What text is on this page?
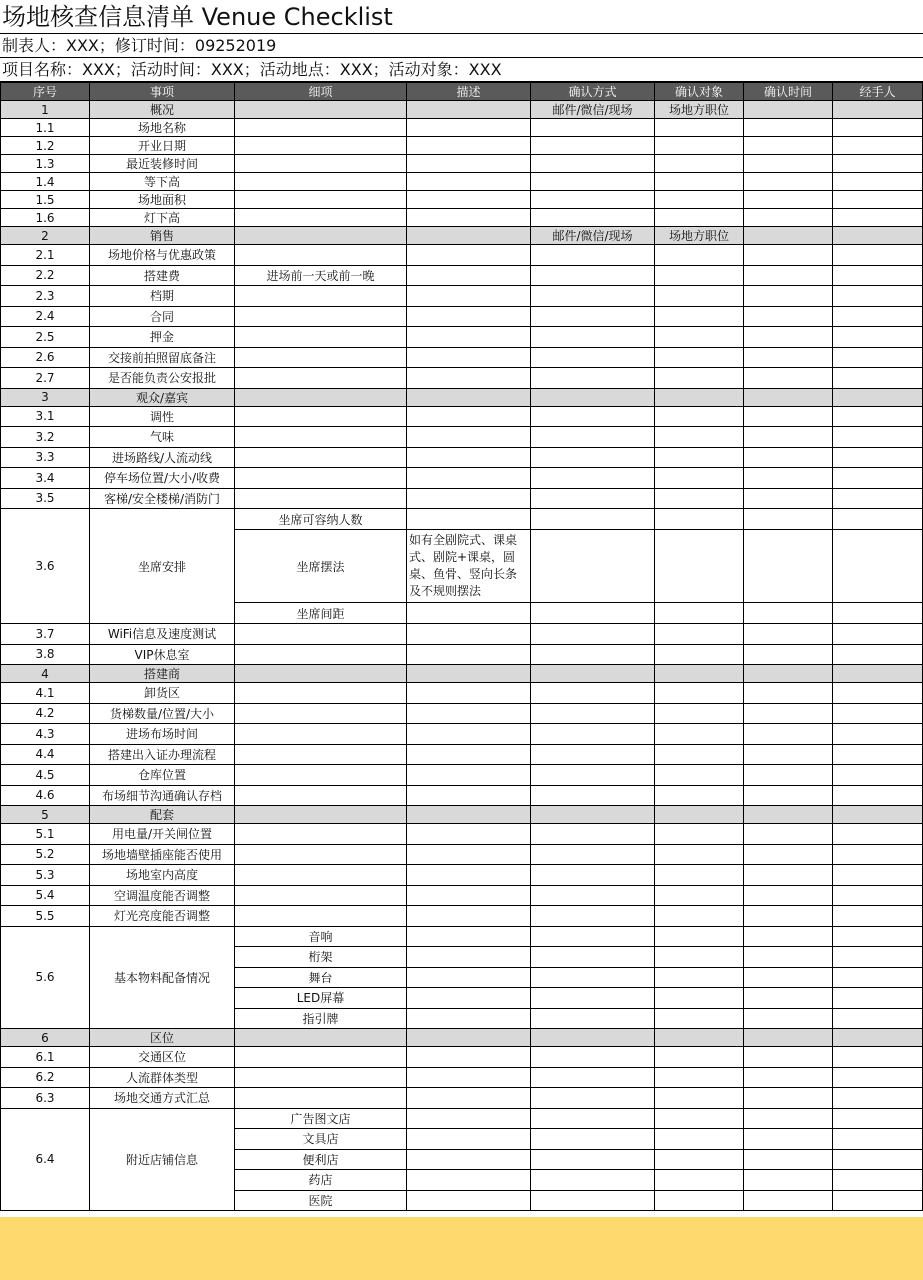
场地核查信息清单 Venue Checklist
制表人：XXX；修订时间：09252019
项目名称：XXX；活动时间：XXX；活动地点：XXX；活动对象：XXX
序号	事项	细项	描述	确认方式	确认对象	确认时间	经手人
1	概况			邮件/微信/现场	场地方职位		
1.1	场地名称						
1.2	开业日期						
1.3	最近装修时间						
1.4	等下高						
1.5	场地面积						
1.6	灯下高						
2	销售			邮件/微信/现场	场地方职位		
2.1	场地价格与优惠政策						
2.2	搭建费	进场前一天或前一晚					
2.3	档期						
2.4	合同						
2.5	押金						
2.6	交接前拍照留底备注						
2.7	是否能负责公安报批						
3	观众/嘉宾						
3.1	调性						
3.2	气味						
3.3	进场路线/人流动线						
3.4	停车场位置/大小/收费						
3.5	客梯/安全楼梯/消防门						
3.6	坐席安排	坐席可容纳人数					
		坐席摆法	如有全剧院式、课桌式、剧院+课桌，圆桌、鱼骨、竖向长条及不规则摆法				
		坐席间距					
3.7	WiFi信息及速度测试						
3.8	VIP休息室						
4	搭建商						
4.1	卸货区						
4.2	货梯数量/位置/大小						
4.3	进场布场时间						
4.4	搭建出入证办理流程						
4.5	仓库位置						
4.6	布场细节沟通确认存档						
5	配套						
5.1	用电量/开关闸位置						
5.2	场地墙壁插座能否使用						
5.3	场地室内高度						
5.4	空调温度能否调整						
5.5	灯光亮度能否调整						
5.6	基本物料配备情况	音响					
		桁架					
		舞台					
		LED屏幕					
		指引牌					
6	区位						
6.1	交通区位						
6.2	人流群体类型						
6.3	场地交通方式汇总						
6.4	附近店铺信息	广告图文店					
		文具店					
		便利店					
		药店					
		医院					
